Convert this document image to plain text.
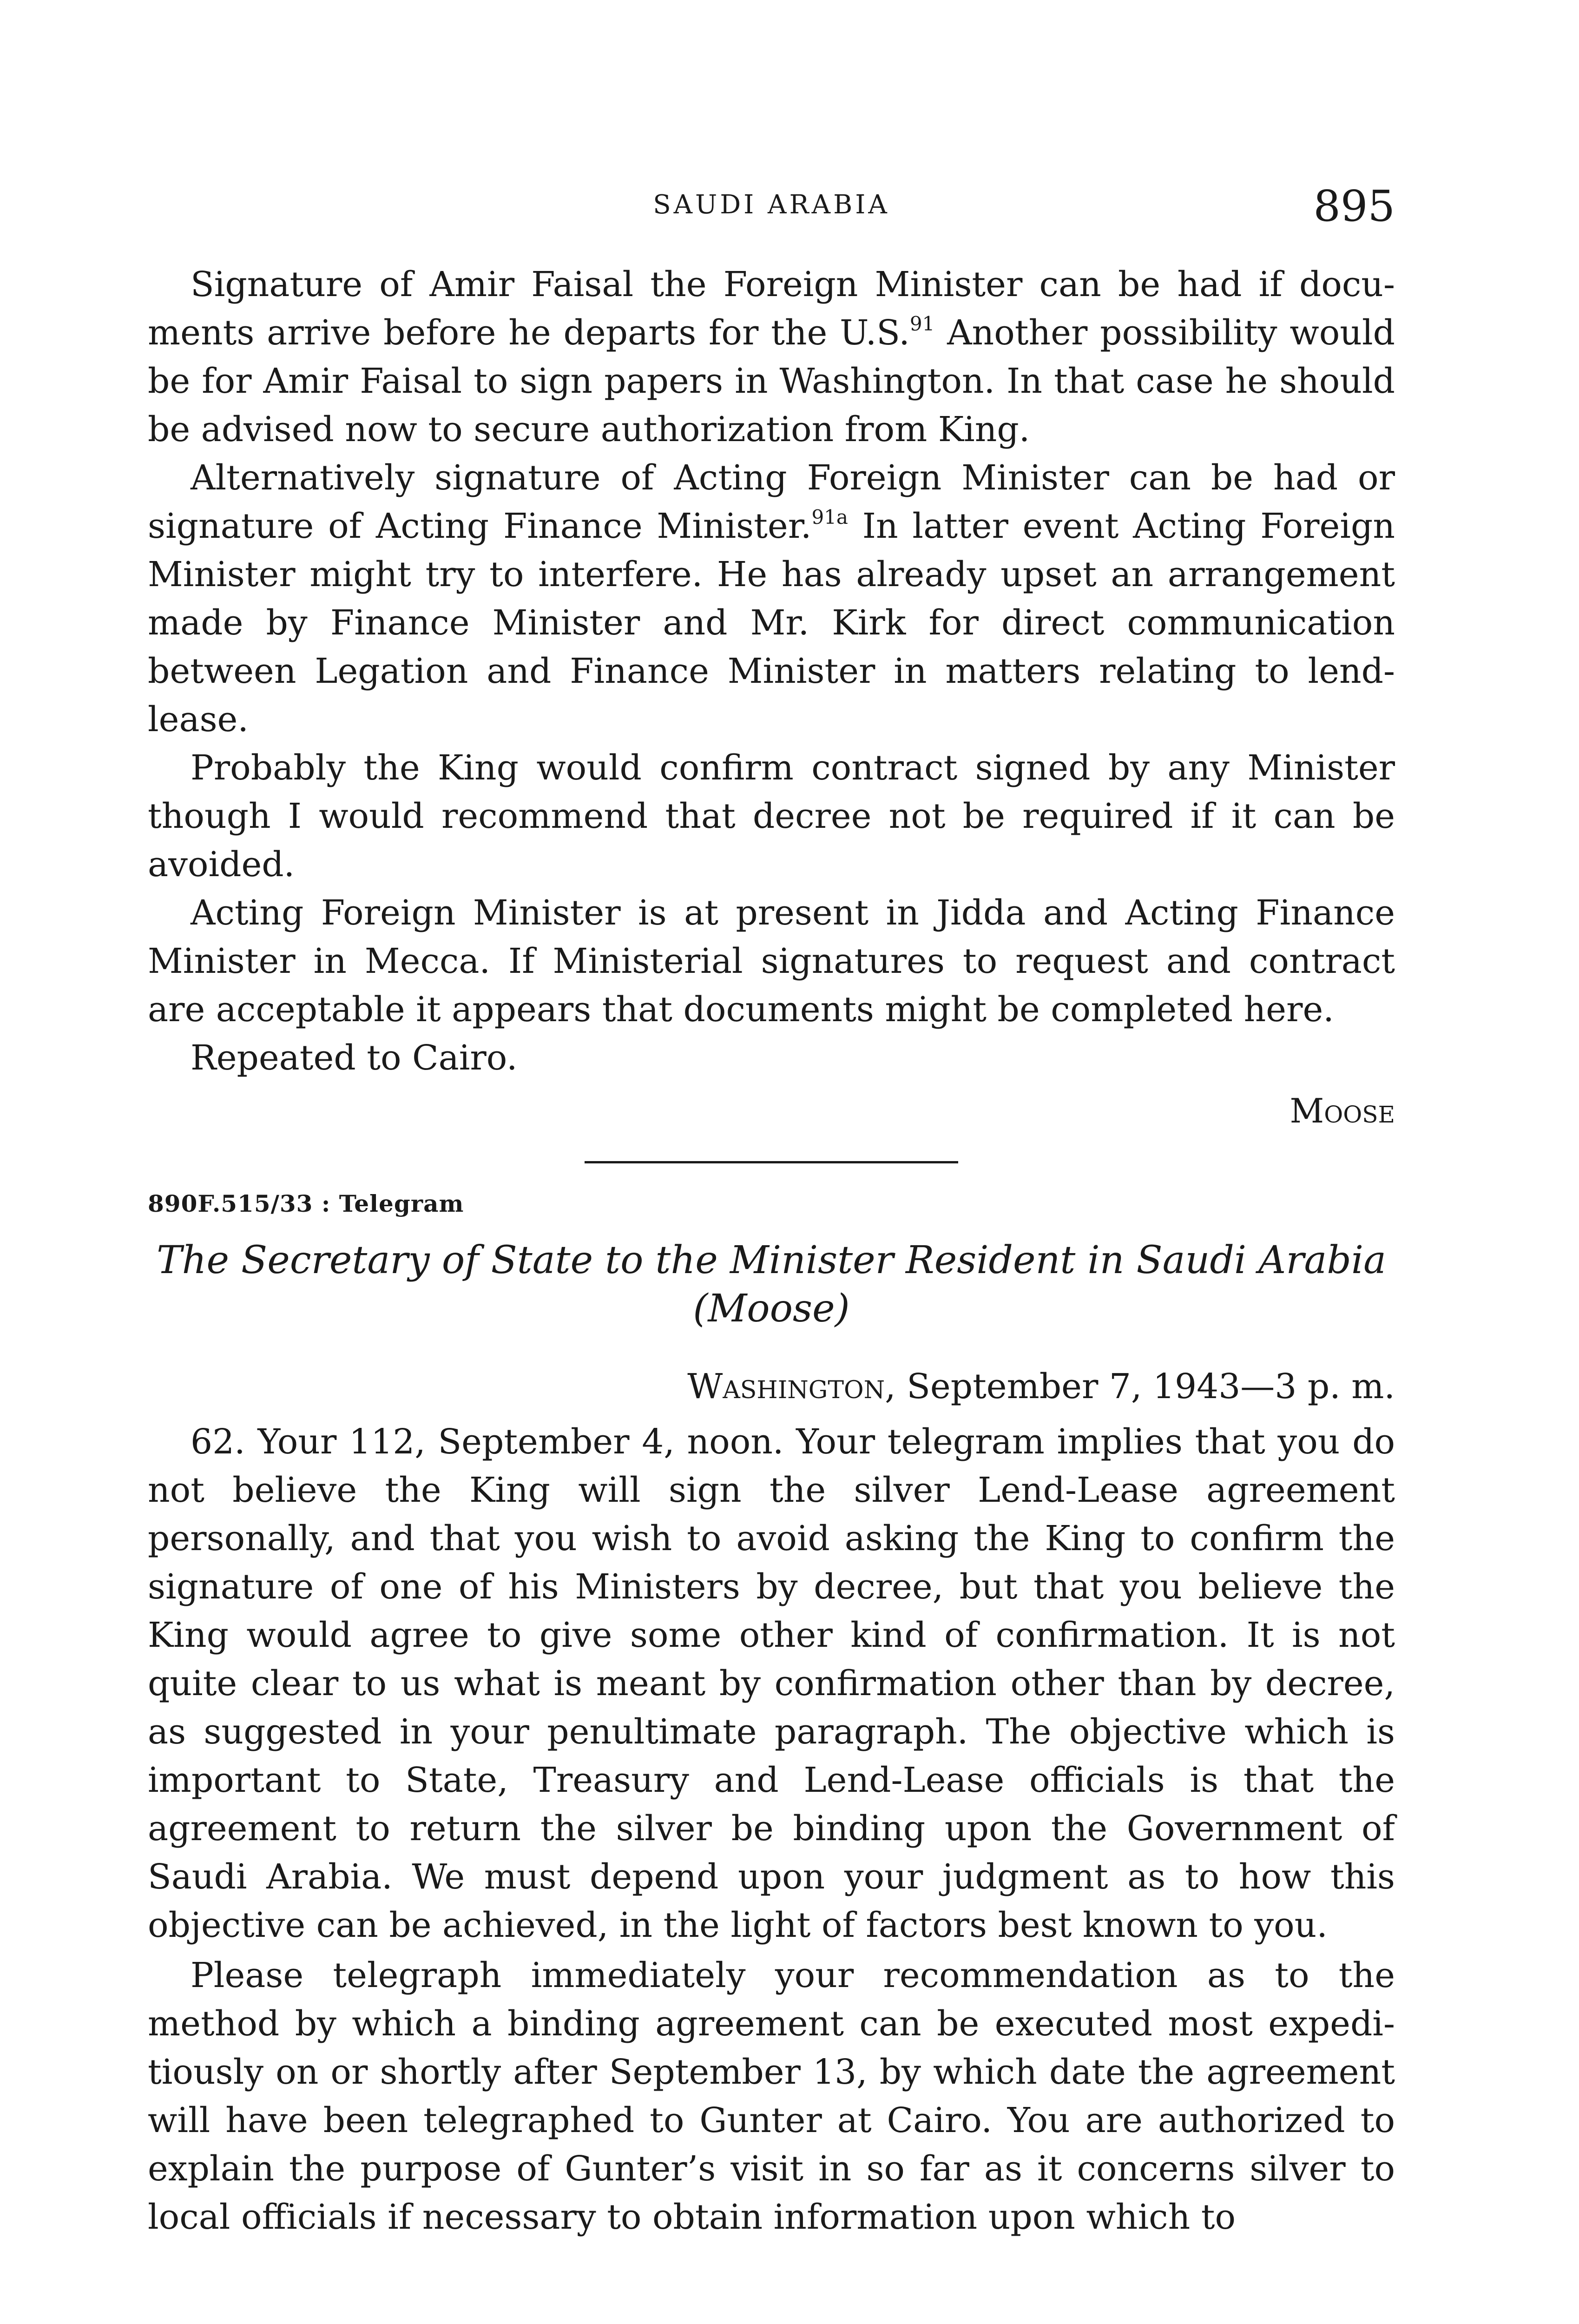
SAUDI ARABIA	895

Signature of Amir Faisal the Foreign Minister can be had if documents arrive before he departs for the U.S.$^{91}$ Another possibility would be for Amir Faisal to sign papers in Washington. In that case he should be advised now to secure authorization from King.

Alternatively signature of Acting Foreign Minister can be had or signature of Acting Finance Minister.$^{91a}$ In latter event Acting Foreign Minister might try to interfere. He has already upset an arrangement made by Finance Minister and Mr. Kirk for direct communication between Legation and Finance Minister in matters relating to lend-lease.

Probably the King would confirm contract signed by any Minister though I would recommend that decree not be required if it can be avoided.

Acting Foreign Minister is at present in Jidda and Acting Finance Minister in Mecca. If Ministerial signatures to request and contract are acceptable it appears that documents might be completed here.

Repeated to Cairo.

Moose
890F.515/33 : Telegram
The Secretary of State to the Minister Resident in Saudi Arabia
(Moose)
Washington, September 7, 1943—3 p. m.

62. Your 112, September 4, noon. Your telegram implies that you do not believe the King will sign the silver Lend-Lease agreement personally, and that you wish to avoid asking the King to confirm the signature of one of his Ministers by decree, but that you believe the King would agree to give some other kind of confirmation. It is not quite clear to us what is meant by confirmation other than by decree, as suggested in your penultimate paragraph. The objective which is important to State, Treasury and Lend-Lease officials is that the agreement to return the silver be binding upon the Government of Saudi Arabia. We must depend upon your judgment as to how this objective can be achieved, in the light of factors best known to you.

Please telegraph immediately your recommendation as to the method by which a binding agreement can be executed most expeditiously on or shortly after September 13, by which date the agreement will have been telegraphed to Gunter at Cairo. You are authorized to explain the purpose of Gunter’s visit in so far as it concerns silver to local officials if necessary to obtain information upon which to
